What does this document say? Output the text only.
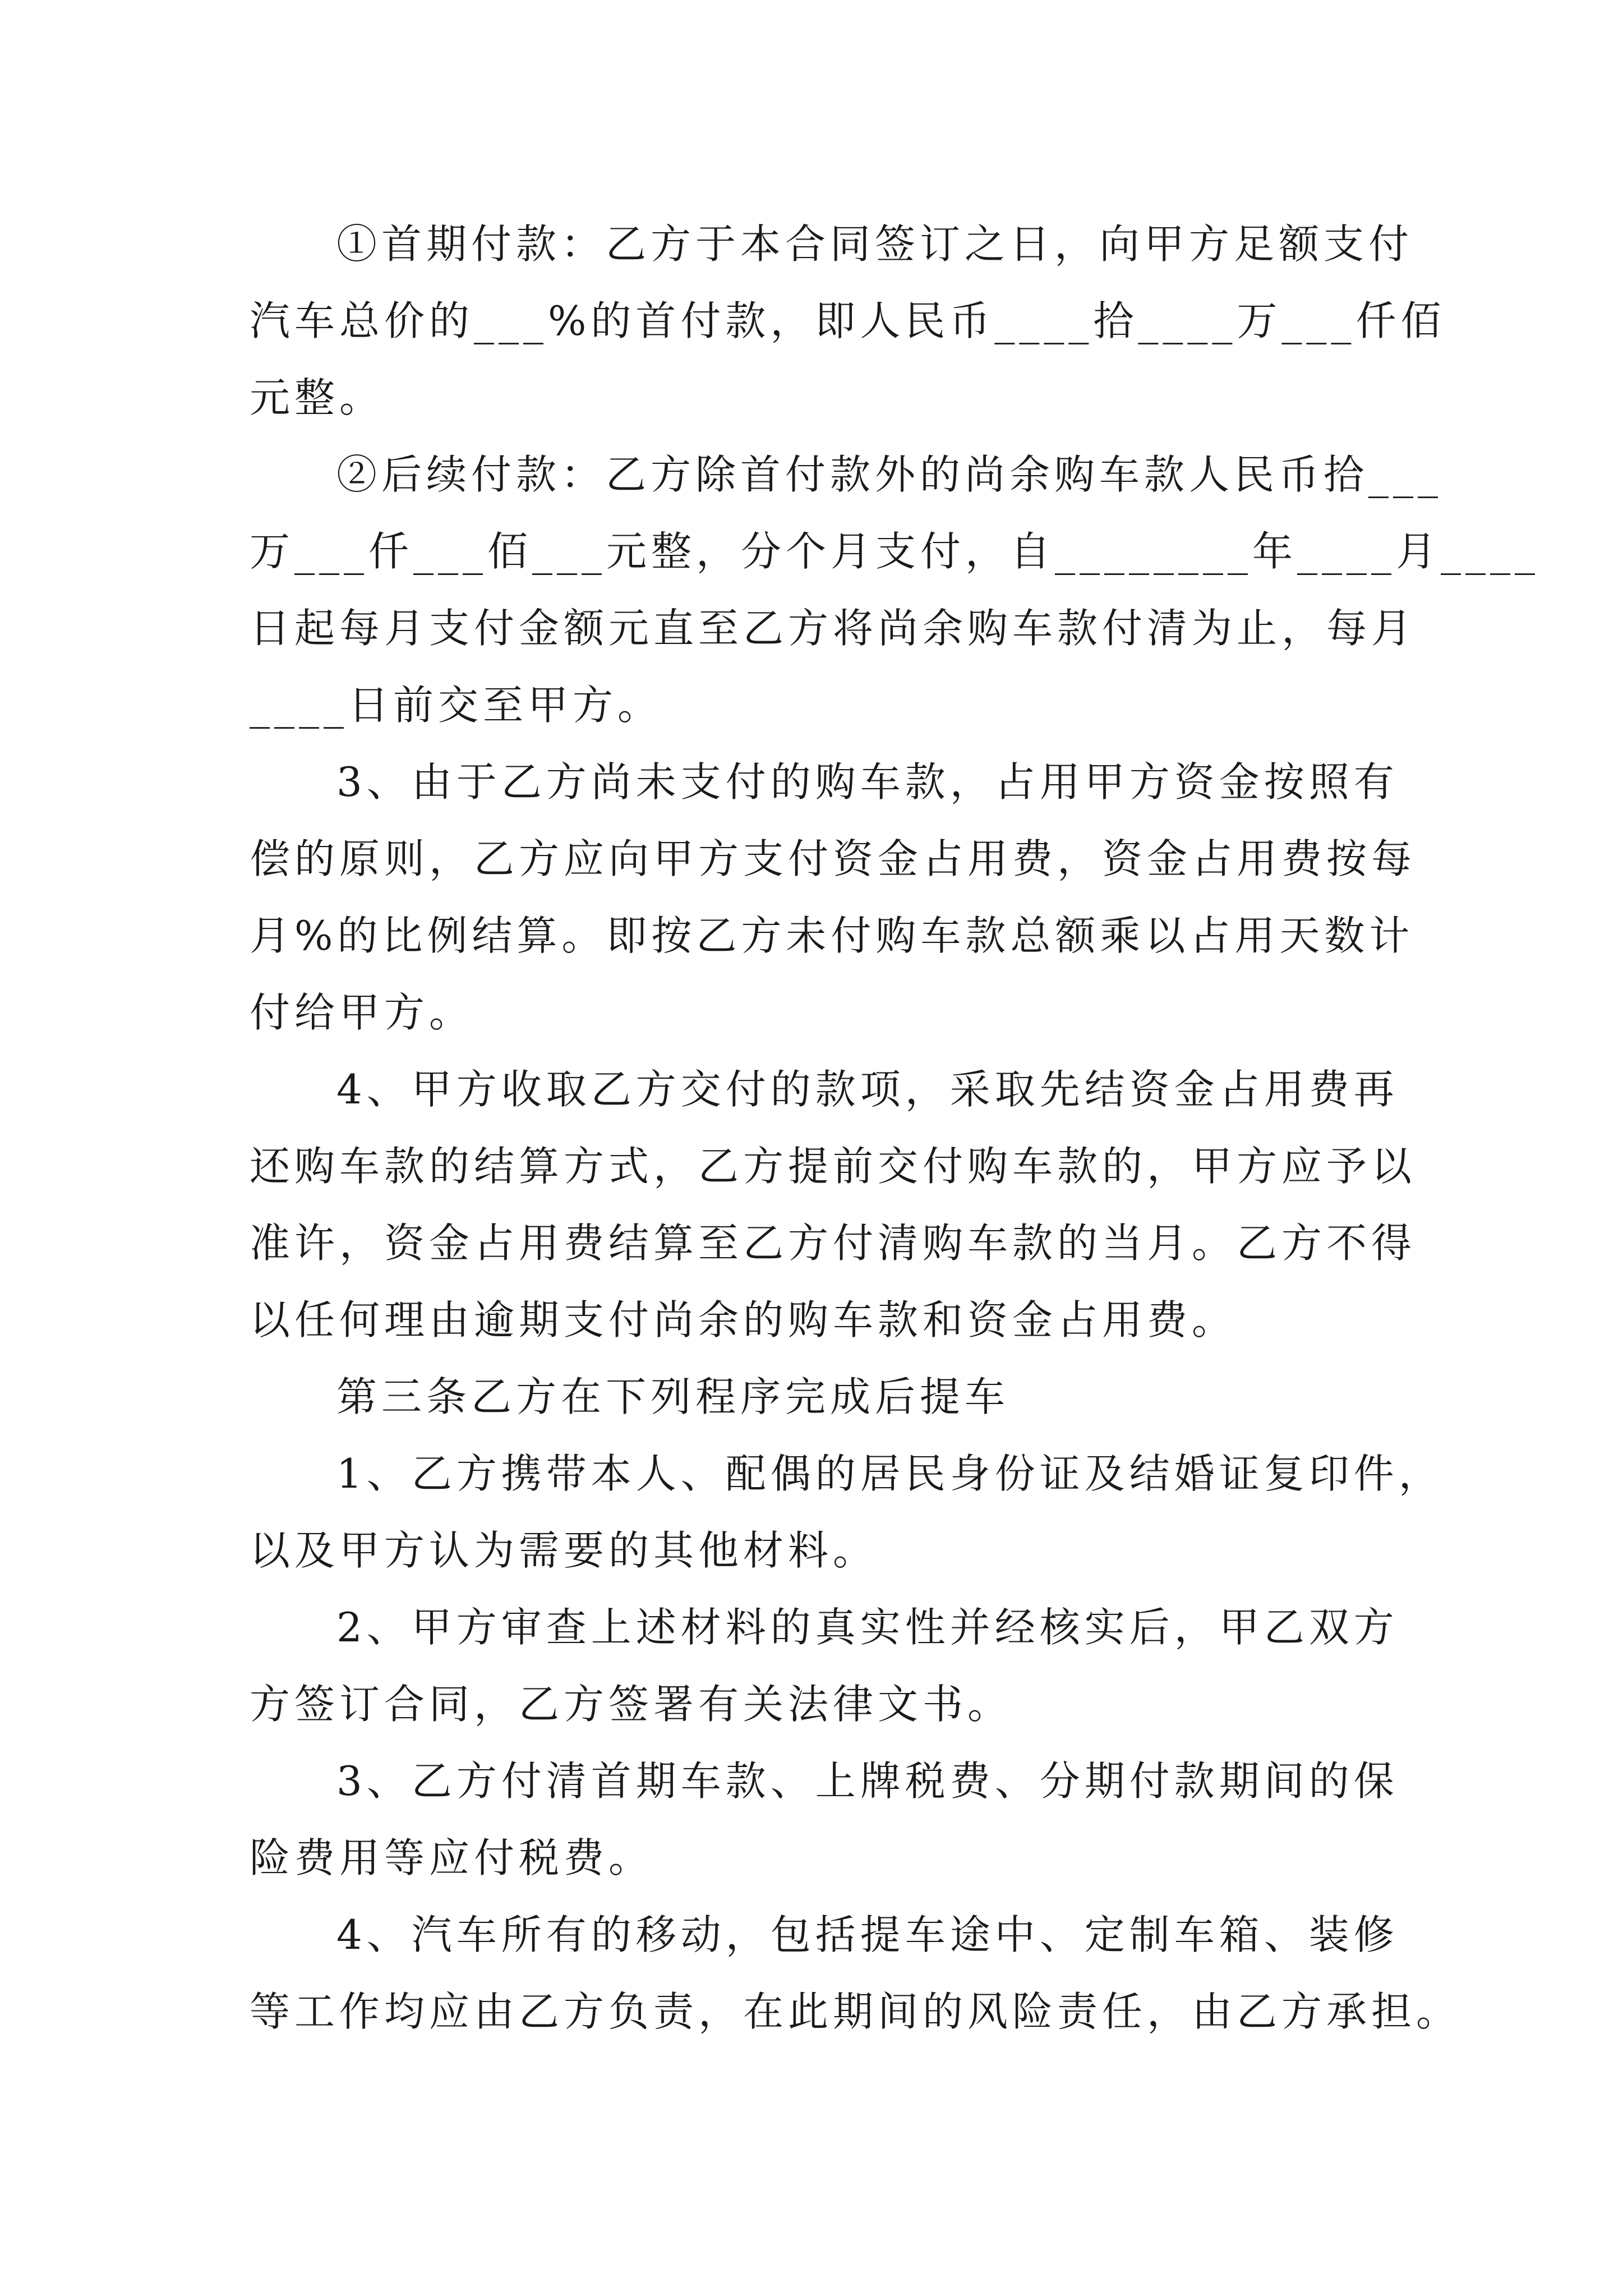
①首期付款：乙方于本合同签订之日，向甲方足额支付
汽车总价的___%的首付款，即人民币____拾____万___仟佰
元整。
②后续付款：乙方除首付款外的尚余购车款人民币拾___
万___仟___佰___元整，分个月支付，自________年____月____
日起每月支付金额元直至乙方将尚余购车款付清为止，每月
____日前交至甲方。
3、由于乙方尚未支付的购车款，占用甲方资金按照有
偿的原则，乙方应向甲方支付资金占用费，资金占用费按每
月%的比例结算。即按乙方未付购车款总额乘以占用天数计
付给甲方。
4、甲方收取乙方交付的款项，采取先结资金占用费再
还购车款的结算方式，乙方提前交付购车款的，甲方应予以
准许，资金占用费结算至乙方付清购车款的当月。乙方不得
以任何理由逾期支付尚余的购车款和资金占用费。
第三条乙方在下列程序完成后提车
1、乙方携带本人、配偶的居民身份证及结婚证复印件，
以及甲方认为需要的其他材料。
2、甲方审查上述材料的真实性并经核实后，甲乙双方
方签订合同，乙方签署有关法律文书。
3、乙方付清首期车款、上牌税费、分期付款期间的保
险费用等应付税费。
4、汽车所有的移动，包括提车途中、定制车箱、装修
等工作均应由乙方负责，在此期间的风险责任，由乙方承担。
